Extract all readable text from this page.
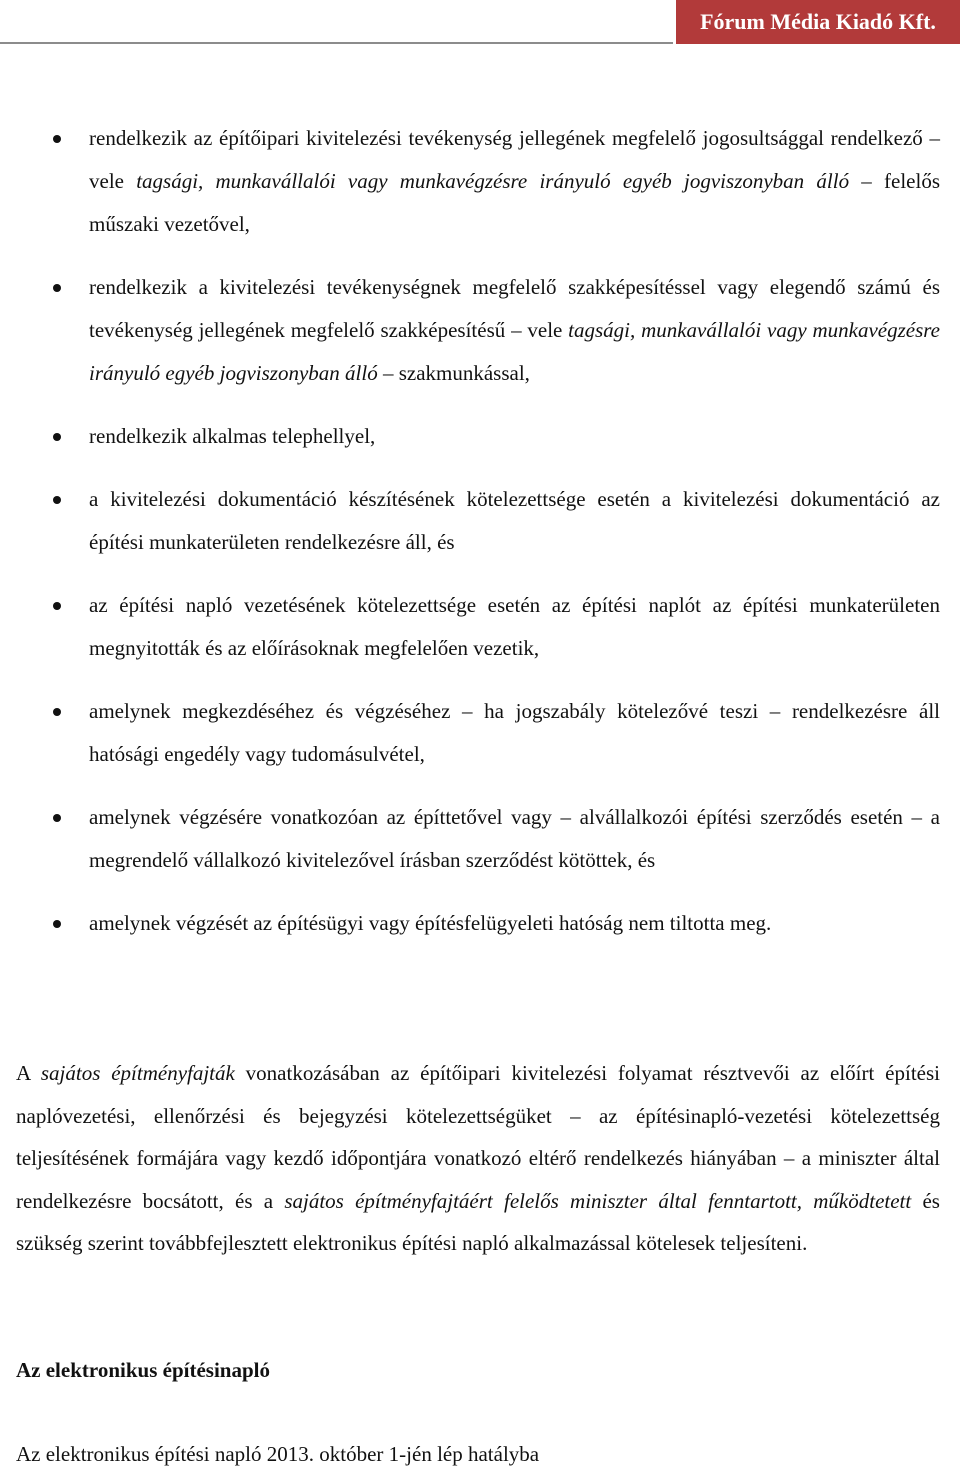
Fórum Média Kiadó Kft.
rendelkezik az építőipari kivitelezési tevékenység jellegének megfelelő jogosultsággal rendelkező – vele tagsági, munkavállalói vagy munkavégzésre irányuló egyéb jogviszonyban álló – felelős műszaki vezetővel,
rendelkezik a kivitelezési tevékenységnek megfelelő szakképesítéssel vagy elegendő számú és tevékenység jellegének megfelelő szakképesítésű – vele tagsági, munkavállalói vagy munkavégzésre irányuló egyéb jogviszonyban álló – szakmunkással,
rendelkezik alkalmas telephellyel,
a kivitelezési dokumentáció készítésének kötelezettsége esetén a kivitelezési dokumentáció az építési munkaterületen rendelkezésre áll, és
az építési napló vezetésének kötelezettsége esetén az építési naplót az építési munkaterületen megnyitották és az előírásoknak megfelelően vezetik,
amelynek megkezdéséhez és végzéséhez – ha jogszabály kötelezővé teszi – rendelkezésre áll hatósági engedély vagy tudomásulvétel,
amelynek végzésére vonatkozóan az építtetővel vagy – alvállalkozói építési szerződés esetén – a megrendelő vállalkozó kivitelezővel írásban szerződést kötöttek, és
amelynek végzését az építésügyi vagy építésfelügyeleti hatóság nem tiltotta meg.

A sajátos építményfajták vonatkozásában az építőipari kivitelezési folyamat résztvevői az előírt építési naplóvezetési, ellenőrzési és bejegyzési kötelezettségüket – az építésinapló-vezetési kötelezettség teljesítésének formájára vagy kezdő időpontjára vonatkozó eltérő rendelkezés hiányában – a miniszter által rendelkezésre bocsátott, és a sajátos építményfajtáért felelős miniszter által fenntartott, működtetett és szükség szerint továbbfejlesztett elektronikus építési napló alkalmazással kötelesek teljesíteni.

Az elektronikus építésinapló

Az elektronikus építési napló 2013. október 1-jén lép hatályba
